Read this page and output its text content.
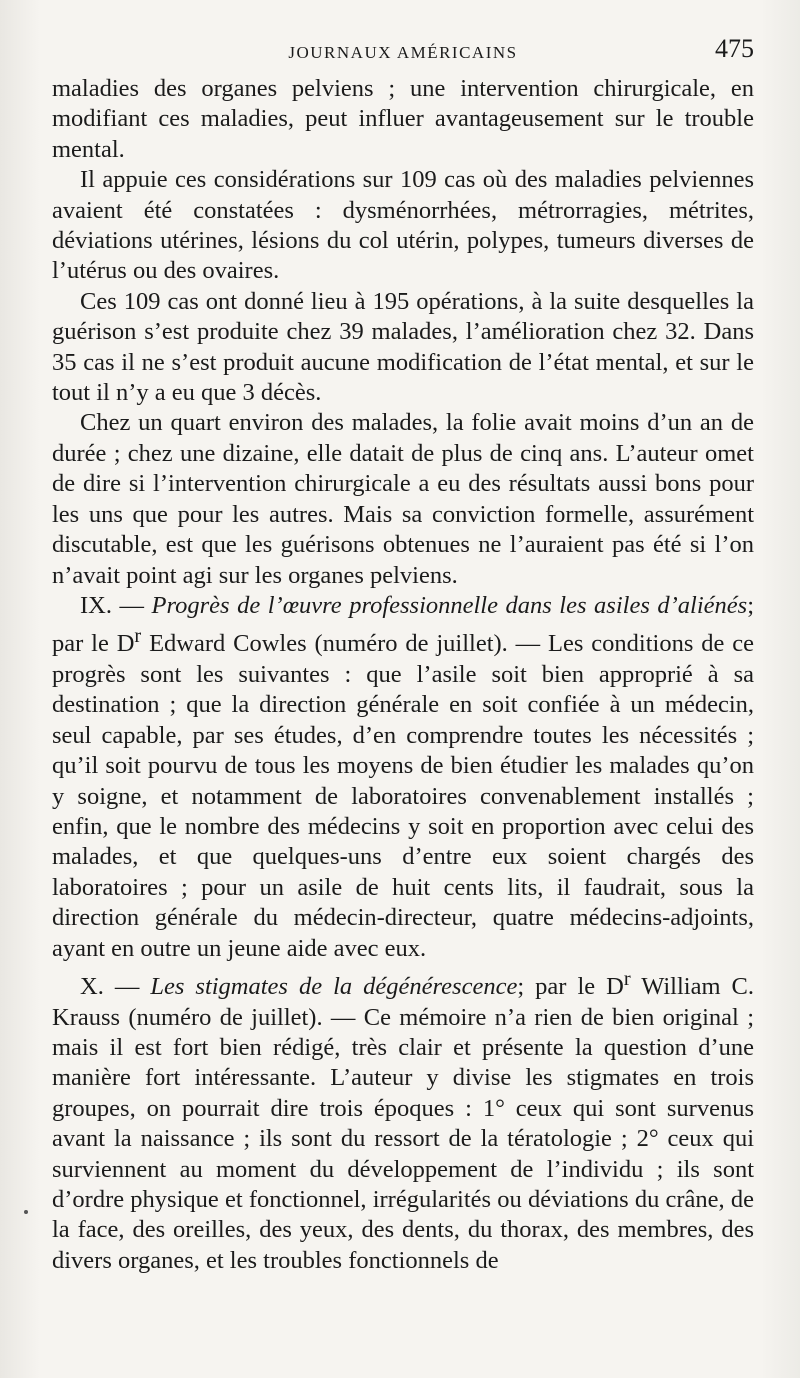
JOURNAUX AMÉRICAINS	475

maladies des organes pelviens ; une intervention chirurgicale, en modifiant ces maladies, peut influer avantageusement sur le trouble mental.

Il appuie ces considérations sur 109 cas où des maladies pelviennes avaient été constatées : dysménorrhées, métrorragies, métrites, déviations utérines, lésions du col utérin, polypes, tumeurs diverses de l’utérus ou des ovaires.

Ces 109 cas ont donné lieu à 195 opérations, à la suite desquelles la guérison s’est produite chez 39 malades, l’amélioration chez 32. Dans 35 cas il ne s’est produit aucune modification de l’état mental, et sur le tout il n’y a eu que 3 décès.

Chez un quart environ des malades, la folie avait moins d’un an de durée ; chez une dizaine, elle datait de plus de cinq ans. L’auteur omet de dire si l’intervention chirurgicale a eu des résultats aussi bons pour les uns que pour les autres. Mais sa conviction formelle, assurément discutable, est que les guérisons obtenues ne l’auraient pas été si l’on n’avait point agi sur les organes pelviens.

IX. — Progrès de l’œuvre professionnelle dans les asiles d’aliénés; par le $D^r$ Edward Cowles (numéro de juillet). — Les conditions de ce progrès sont les suivantes : que l’asile soit bien approprié à sa destination ; que la direction générale en soit confiée à un médecin, seul capable, par ses études, d’en comprendre toutes les nécessités ; qu’il soit pourvu de tous les moyens de bien étudier les malades qu’on y soigne, et notamment de laboratoires convenablement installés ; enfin, que le nombre des médecins y soit en proportion avec celui des malades, et que quelques-uns d’entre eux soient chargés des laboratoires ; pour un asile de huit cents lits, il faudrait, sous la direction générale du médecin-directeur, quatre médecins-adjoints, ayant en outre un jeune aide avec eux.

X. — Les stigmates de la dégénérescence; par le $D^r$ William C. Krauss (numéro de juillet). — Ce mémoire n’a rien de bien original ; mais il est fort bien rédigé, très clair et présente la question d’une manière fort intéressante. L’auteur y divise les stigmates en trois groupes, on pourrait dire trois époques : 1° ceux qui sont survenus avant la naissance ; ils sont du ressort de la tératologie ; 2° ceux qui surviennent au moment du développement de l’individu ; ils sont d’ordre physique et fonctionnel, irrégularités ou déviations du crâne, de la face, des oreilles, des yeux, des dents, du thorax, des membres, des divers organes, et les troubles fonctionnels de
